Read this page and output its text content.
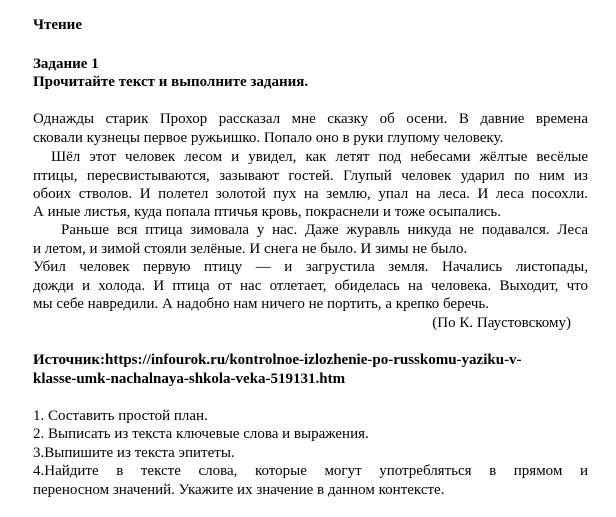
Чтение
Задание 1
Прочитайте текст и выполните задания.
Однажды старик Прохор рассказал мне сказку об осени. В давние времена
сковали кузнецы первое ружьишко. Попало оно в руки глупому человеку.
Шёл этот человек лесом и увидел, как летят под небесами жёлтые весёлые
птицы, пересвистываются, зазывают гостей. Глупый человек ударил по ним из
обоих стволов. И полетел золотой пух на землю, упал на леса. И леса посохли.
А иные листья, куда попала птичья кровь, покраснели и тоже осыпались.
Раньше вся птица зимовала у нас. Даже журавль никуда не подавался. Леса
и летом, и зимой стояли зелёные. И снега не было. И зимы не было.
Убил человек первую птицу — и загрустила земля. Начались листопады,
дожди и холода. И птица от нас отлетает, обиделась на человека. Выходит, что
мы себе навредили. А надобно нам ничего не портить, а крепко беречь.
(По К. Паустовскому)
Источник:https://infourok.ru/kontrolnoe-izlozhenie-po-russkomu-yaziku-v-
klasse-umk-nachalnaya-shkola-veka-519131.htm
1. Составить простой план.
2. Выписать из текста ключевые слова и выражения.
3.Выпишите из текста эпитеты.
4.Найдите в тексте слова, которые могут употребляться в прямом и
переносном значений. Укажите их значение в данном контексте.
